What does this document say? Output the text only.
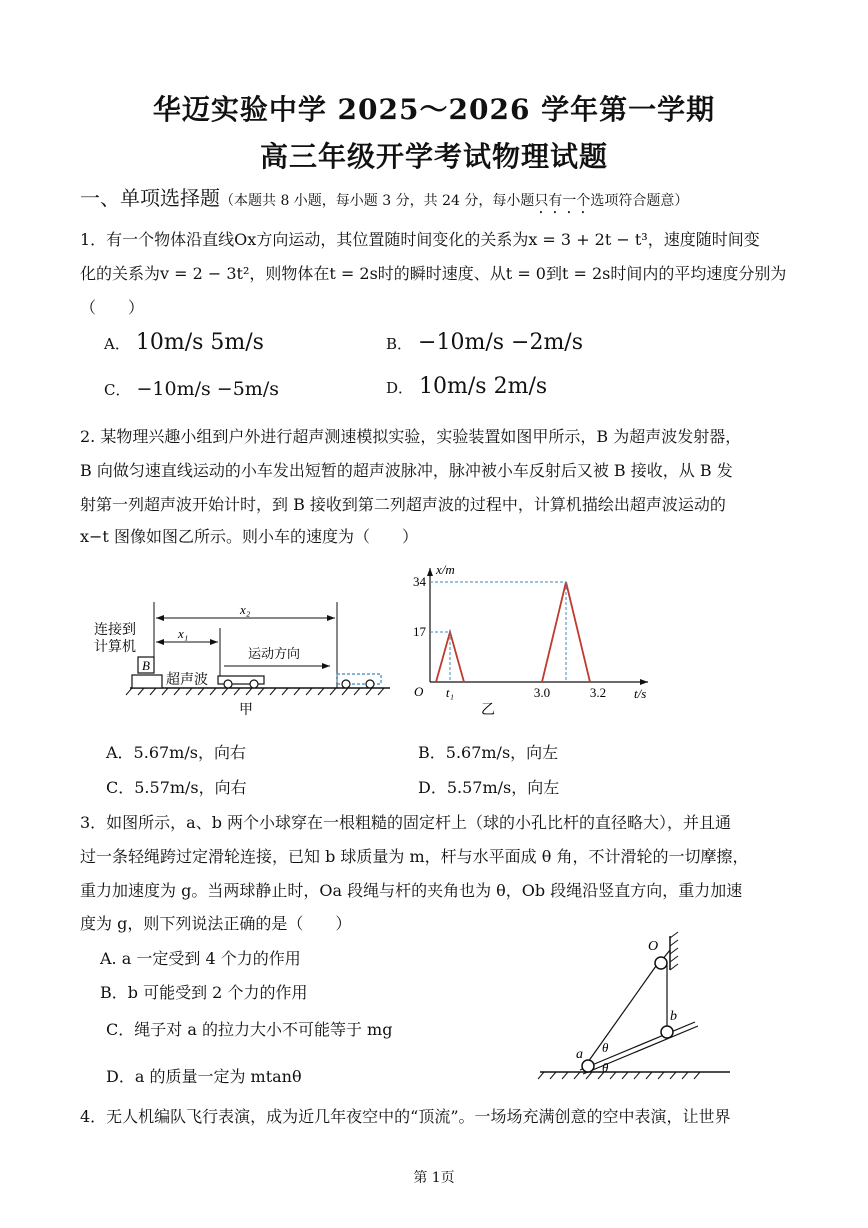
华迈实验中学 2025～2026 学年第一学期
高三年级开学考试物理试题
一、单项选择题（本题共 8 小题，每小题 3 分，共 24 分，每小题只有一个选项符合题意）
1．有一个物体沿直线Ox方向运动，其位置随时间变化的关系为x = 3 + 2t − t³，速度随时间变
化的关系为v = 2 − 3t²，则物体在t = 2s时的瞬时速度、从t = 0到t = 2s时间内的平均速度分别为
（　　）
A． 10m/s 5m/s	B． −10m/s −2m/s
C． −10m/s −5m/s	D． 10m/s 2m/s
2. 某物理兴趣小组到户外进行超声测速模拟实验，实验装置如图甲所示，B 为超声波发射器，
B 向做匀速直线运动的小车发出短暂的超声波脉冲，脉冲被小车反射后又被 B 接收，从 B 发
射第一列超声波开始计时，到 B 接收到第二列超声波的过程中，计算机描绘出超声波运动的
x−t 图像如图乙所示。则小车的速度为（　　）
B
连接到
计算机
x₂
x₁
运动方向
超声波
甲
x/m
t/s
O
34
17
t₁	3.0	3.2
乙
A．5.67m/s，向右	B．5.67m/s，向左
C．5.57m/s，向右	D．5.57m/s，向左
3．如图所示，a、b 两个小球穿在一根粗糙的固定杆上（球的小孔比杆的直径略大），并且通
过一条轻绳跨过定滑轮连接，已知 b 球质量为 m，杆与水平面成 θ 角，不计滑轮的一切摩擦，
重力加速度为 g。当两球静止时，Oa 段绳与杆的夹角也为 θ，Ob 段绳沿竖直方向，重力加速
度为 g，则下列说法正确的是（　　）
A. a 一定受到 4 个力的作用
B．b 可能受到 2 个力的作用
C．绳子对 a 的拉力大小不可能等于 mg
D．a 的质量一定为 mtanθ
O
a
b
θ
θ
4．无人机编队飞行表演，成为近几年夜空中的“顶流”。一场场充满创意的空中表演，让世界
第 1页
